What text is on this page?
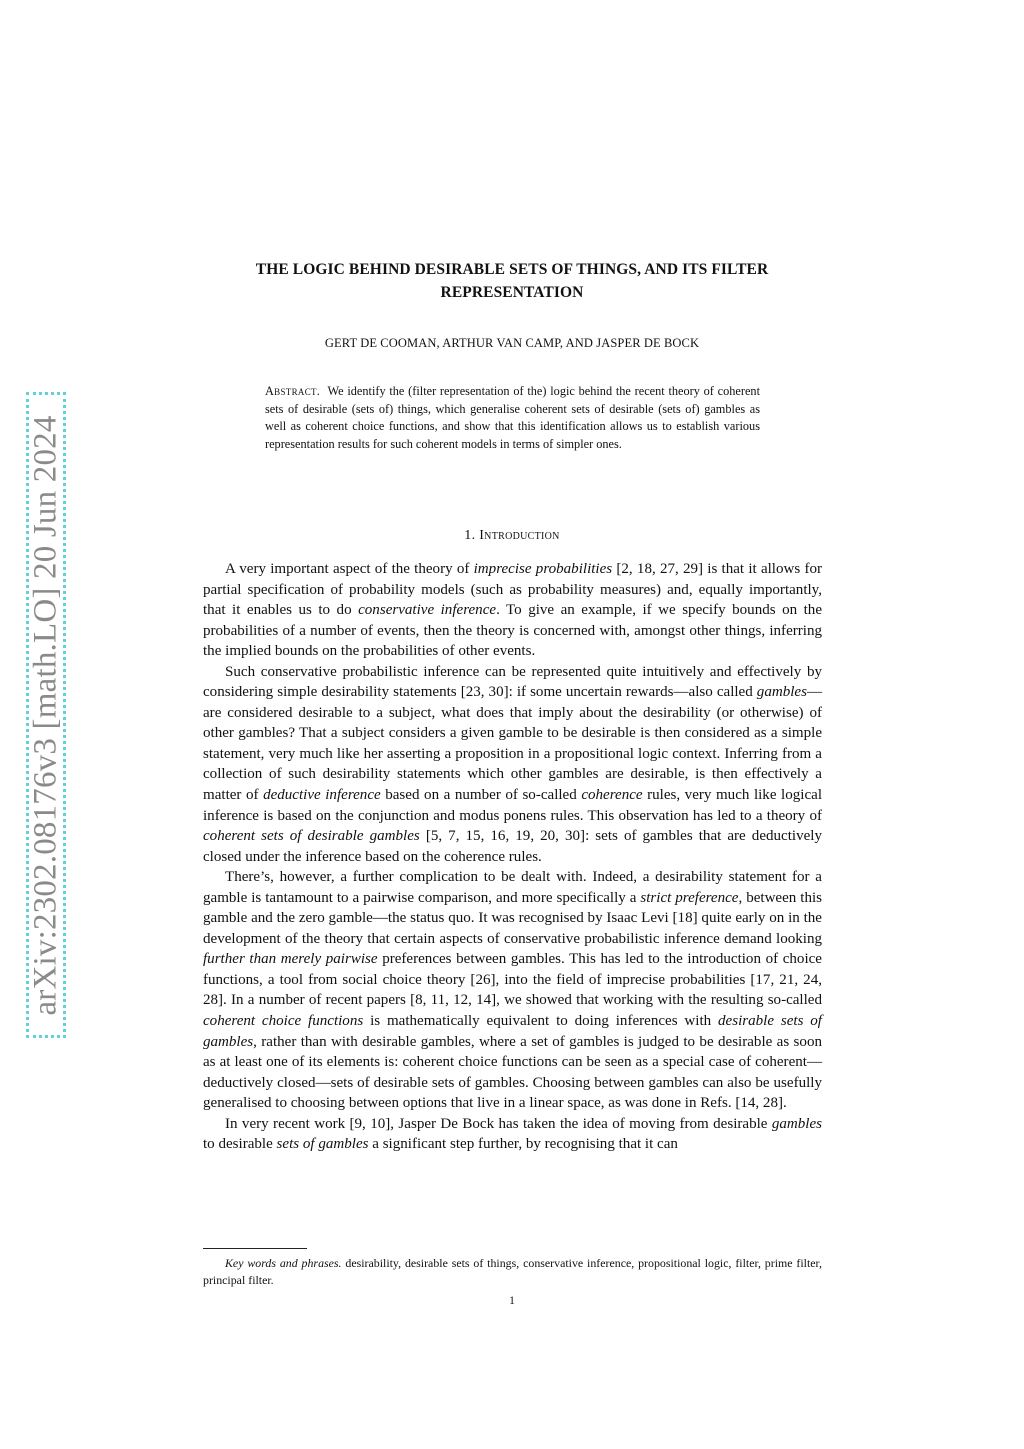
arXiv:2302.08176v3 [math.LO] 20 Jun 2024
THE LOGIC BEHIND DESIRABLE SETS OF THINGS, AND ITS FILTER
REPRESENTATION
GERT DE COOMAN, ARTHUR VAN CAMP, AND JASPER DE BOCK
Abstract. We identify the (filter representation of the) logic behind the recent theory of coherent sets of desirable (sets of) things, which generalise coherent sets of desirable (sets of) gambles as well as coherent choice functions, and show that this identification allows us to establish various representation results for such coherent models in terms of simpler ones.
1. Introduction

A very important aspect of the theory of imprecise probabilities [2, 18, 27, 29] is that it allows for partial specification of probability models (such as probability measures) and, equally importantly, that it enables us to do conservative inference. To give an example, if we specify bounds on the probabilities of a number of events, then the theory is concerned with, amongst other things, inferring the implied bounds on the probabilities of other events.

Such conservative probabilistic inference can be represented quite intuitively and effectively by considering simple desirability statements [23, 30]: if some uncertain rewards—also called gambles—are considered desirable to a subject, what does that imply about the desirability (or otherwise) of other gambles? That a subject considers a given gamble to be desirable is then considered as a simple statement, very much like her asserting a proposition in a propositional logic context. Inferring from a collection of such desirability statements which other gambles are desirable, is then effectively a matter of deductive inference based on a number of so-called coherence rules, very much like logical inference is based on the conjunction and modus ponens rules. This observation has led to a theory of coherent sets of desirable gambles [5, 7, 15, 16, 19, 20, 30]: sets of gambles that are deductively closed under the inference based on the coherence rules.

There’s, however, a further complication to be dealt with. Indeed, a desirability statement for a gamble is tantamount to a pairwise comparison, and more specifically a strict preference, between this gamble and the zero gamble—the status quo. It was recognised by Isaac Levi [18] quite early on in the development of the theory that certain aspects of conservative probabilistic inference demand looking further than merely pairwise preferences between gambles. This has led to the introduction of choice functions, a tool from social choice theory [26], into the field of imprecise probabilities [17, 21, 24, 28]. In a number of recent papers [8, 11, 12, 14], we showed that working with the resulting so-called coherent choice functions is mathematically equivalent to doing inferences with desirable sets of gambles, rather than with desirable gambles, where a set of gambles is judged to be desirable as soon as at least one of its elements is: coherent choice functions can be seen as a special case of coherent—deductively closed—sets of desirable sets of gambles. Choosing between gambles can also be usefully generalised to choosing between options that live in a linear space, as was done in Refs. [14, 28].

In very recent work [9, 10], Jasper De Bock has taken the idea of moving from desirable gambles to desirable sets of gambles a significant step further, by recognising that it can

Key words and phrases. desirability, desirable sets of things, conservative inference, propositional logic, filter, prime filter, principal filter.
1
